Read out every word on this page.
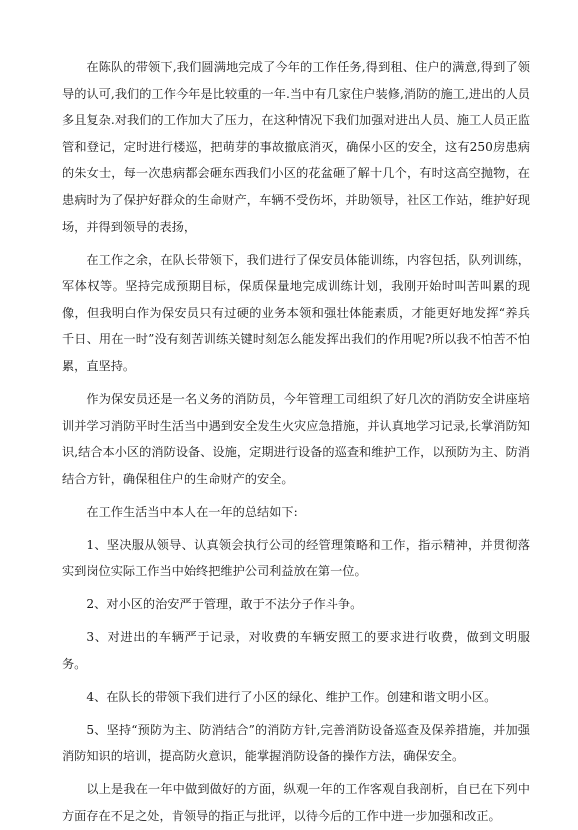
在陈队的带领下,我们圆满地完成了今年的工作任务,得到租、住户的满意,得到了领导的认可,我们的工作今年是比较重的一年.当中有几家住户装修,消防的施工,进出的人员多且复杂.对我们的工作加大了压力，在这种情况下我们加强对进出人员、施工人员正监管和登记，定时进行楼巡，把萌芽的事故撤底消灭，确保小区的安全，这有250房患病的朱女士，每一次患病都会砸东西我们小区的花盆砸了解十几个，有时这高空抛物，在患病时为了保护好群众的生命财产，车辆不受伤坏，并助领导，社区工作站，维护好现场，并得到领导的表扬，

在工作之余，在队长带领下，我们进行了保安员体能训练，内容包括，队列训练，军体权等。坚持完成预期目标，保质保量地完成训练计划，我刚开始时叫苦叫累的现像，但我明白作为保安员只有过硬的业务本领和强壮体能素质，才能更好地发挥“养兵千日、用在一时”没有刻苦训练关键时刻怎么能发挥出我们的作用呢?所以我不怕苦不怕累，直坚持。

作为保安员还是一名义务的消防员，今年管理工司组织了好几次的消防安全讲座培训并学习消防平时生活当中遇到安全发生火灾应急措施，并认真地学习记录,长掌消防知识,结合本小区的消防设备、设施，定期进行设备的巡查和维护工作，以预防为主、防消结合方针，确保租住户的生命财产的安全。

在工作生活当中本人在一年的总结如下:

1、坚决服从领导、认真领会执行公司的经管理策略和工作，指示精神，并贯彻落实到岗位实际工作当中始终把维护公司利益放在第一位。

2、对小区的治安严于管理，敢于不法分子作斗争。

3、对进出的车辆严于记录，对收费的车辆安照工的要求进行收费，做到文明服务。

4、在队长的带领下我们进行了小区的绿化、维护工作。创建和谐文明小区。

5、坚持“预防为主、防消结合”的消防方针,完善消防设备巡查及保养措施，并加强消防知识的培训，提高防火意识，能掌握消防设备的操作方法，确保安全。

以上是我在一年中做到做好的方面，纵观一年的工作客观自我剖析，自已在下列中方面存在不足之处，肯领导的指正与批评，以待今后的工作中进一步加强和改正。
